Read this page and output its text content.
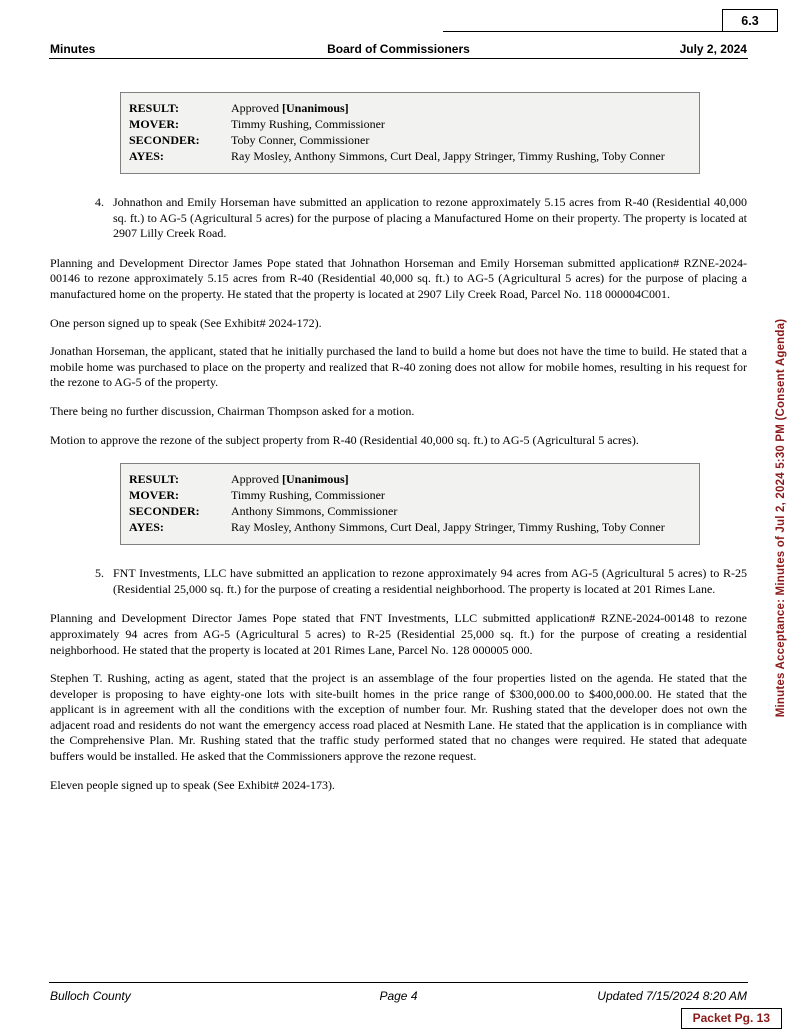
6.3
Minutes	Board of Commissioners	July 2, 2024
RESULT:	Approved [Unanimous]
MOVER:	Timmy Rushing, Commissioner
SECONDER:	Toby Conner, Commissioner
AYES:	Ray Mosley, Anthony Simmons, Curt Deal, Jappy Stringer, Timmy Rushing, Toby Conner
4. Johnathon and Emily Horseman have submitted an application to rezone approximately 5.15 acres from R-40 (Residential 40,000 sq. ft.) to AG-5 (Agricultural 5 acres) for the purpose of placing a Manufactured Home on their property. The property is located at 2907 Lilly Creek Road.

Planning and Development Director James Pope stated that Johnathon Horseman and Emily Horseman submitted application# RZNE-2024-00146 to rezone approximately 5.15 acres from R-40 (Residential 40,000 sq. ft.) to AG-5 (Agricultural 5 acres) for the purpose of placing a manufactured home on the property. He stated that the property is located at 2907 Lily Creek Road, Parcel No. 118 000004C001.

One person signed up to speak (See Exhibit# 2024-172).

Jonathan Horseman, the applicant, stated that he initially purchased the land to build a home but does not have the time to build. He stated that a mobile home was purchased to place on the property and realized that R-40 zoning does not allow for mobile homes, resulting in his request for the rezone to AG-5 of the property.

There being no further discussion, Chairman Thompson asked for a motion.

Motion to approve the rezone of the subject property from R-40 (Residential 40,000 sq. ft.) to AG-5 (Agricultural 5 acres).

RESULT:	Approved [Unanimous]
MOVER:	Timmy Rushing, Commissioner
SECONDER:	Anthony Simmons, Commissioner
AYES:	Ray Mosley, Anthony Simmons, Curt Deal, Jappy Stringer, Timmy Rushing, Toby Conner
5. FNT Investments, LLC have submitted an application to rezone approximately 94 acres from AG-5 (Agricultural 5 acres) to R-25 (Residential 25,000 sq. ft.) for the purpose of creating a residential neighborhood. The property is located at 201 Rimes Lane.

Planning and Development Director James Pope stated that FNT Investments, LLC submitted application# RZNE-2024-00148 to rezone approximately 94 acres from AG-5 (Agricultural 5 acres) to R-25 (Residential 25,000 sq. ft.) for the purpose of creating a residential neighborhood. He stated that the property is located at 201 Rimes Lane, Parcel No. 128 000005 000.

Stephen T. Rushing, acting as agent, stated that the project is an assemblage of the four properties listed on the agenda. He stated that the developer is proposing to have eighty-one lots with site-built homes in the price range of $300,000.00 to $400,000.00. He stated that the applicant is in agreement with all the conditions with the exception of number four. Mr. Rushing stated that the developer does not own the adjacent road and residents do not want the emergency access road placed at Nesmith Lane. He stated that the application is in compliance with the Comprehensive Plan. Mr. Rushing stated that the traffic study performed stated that no changes were required. He stated that adequate buffers would be installed. He asked that the Commissioners approve the rezone request.

Eleven people signed up to speak (See Exhibit# 2024-173).

Minutes Acceptance: Minutes of Jul 2, 2024 5:30 PM (Consent Agenda)
Bulloch County	Page 4	Updated 7/15/2024 8:20 AM
Packet Pg. 13
